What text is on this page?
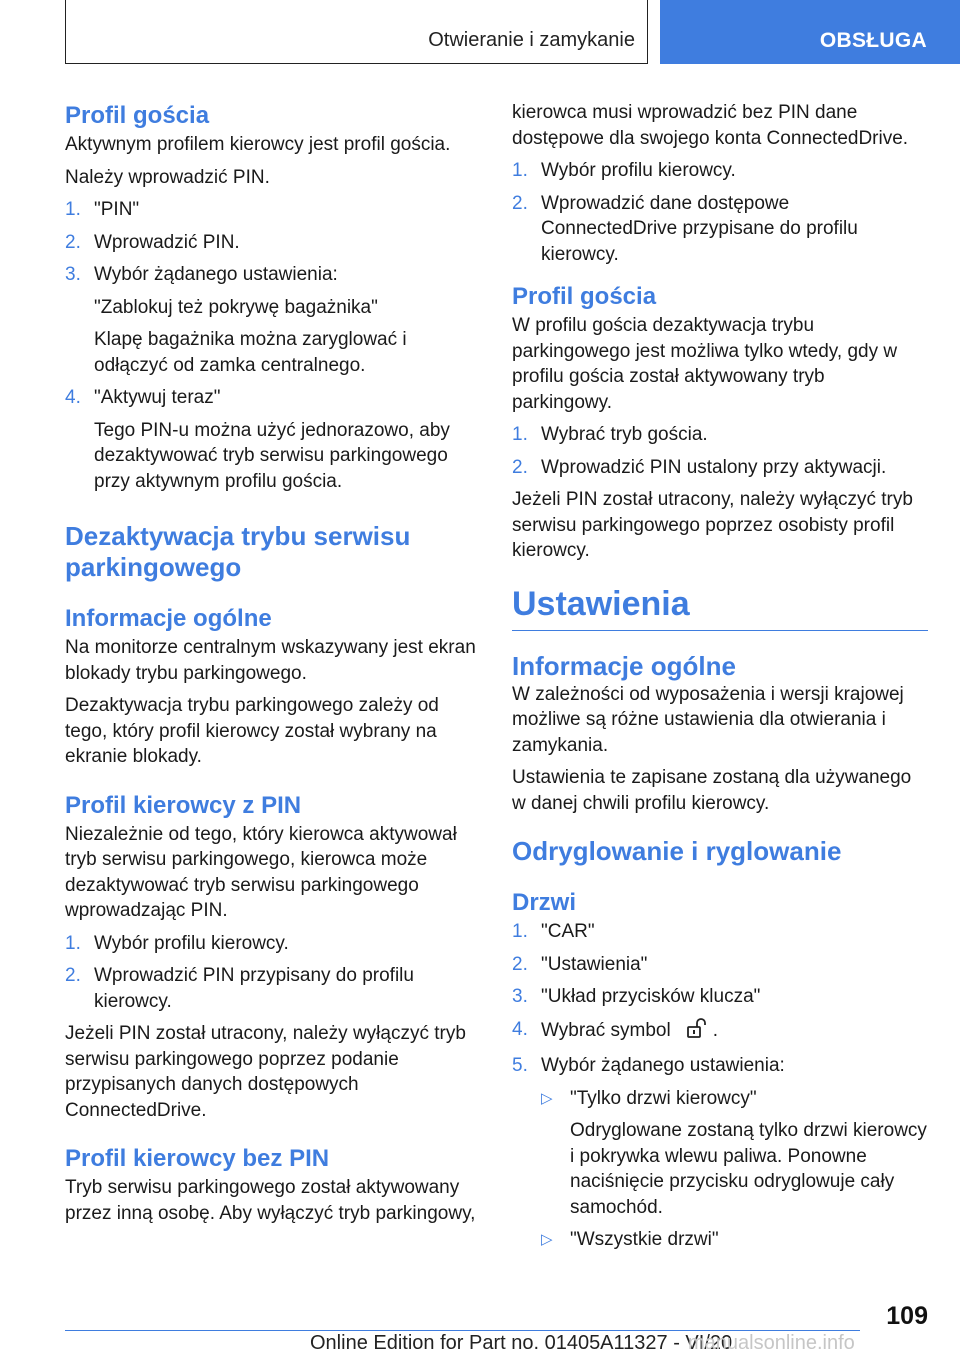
Otwieranie i zamykanie	OBSŁUGA
Profil gościa

Aktywnym profilem kierowcy jest profil gościa.

Należy wprowadzić PIN.

1. "PIN"
2. Wprowadzić PIN.
3. Wybór żądanego ustawienia:

"Zablokuj też pokrywę bagażnika"

Klapę bagażnika można zaryglować i odłączyć od zamka centralnego.

4. "Aktywuj teraz"

Tego PIN-u można użyć jednorazowo, aby dezaktywować tryb serwisu parkingowego przy aktywnym profilu gościa.

Dezaktywacja trybu serwisu parkingowego
Informacje ogólne

Na monitorze centralnym wskazywany jest ekran blokady trybu parkingowego.

Dezaktywacja trybu parkingowego zależy od tego, który profil kierowcy został wybrany na ekranie blokady.

Profil kierowcy z PIN

Niezależnie od tego, który kierowca aktywował tryb serwisu parkingowego, kierowca może dezaktywować tryb serwisu parkingowego wprowadzając PIN.

1. Wybór profilu kierowcy.
2. Wprowadzić PIN przypisany do profilu kierowcy.

Jeżeli PIN został utracony, należy wyłączyć tryb serwisu parkingowego poprzez podanie przypisanych danych dostępowych ConnectedDrive.

Profil kierowcy bez PIN

Tryb serwisu parkingowego został aktywowany przez inną osobę. Aby wyłączyć tryb parkingowy,

kierowca musi wprowadzić bez PIN dane dostępowe dla swojego konta ConnectedDrive.

1. Wybór profilu kierowcy.
2. Wprowadzić dane dostępowe ConnectedDrive przypisane do profilu kierowcy.
Profil gościa

W profilu gościa dezaktywacja trybu parkingowego jest możliwa tylko wtedy, gdy w profilu gościa został aktywowany tryb parkingowy.

1. Wybrać tryb gościa.
2. Wprowadzić PIN ustalony przy aktywacji.

Jeżeli PIN został utracony, należy wyłączyć tryb serwisu parkingowego poprzez osobisty profil kierowcy.

Ustawienia
Informacje ogólne

W zależności od wyposażenia i wersji krajowej możliwe są różne ustawienia dla otwierania i zamykania.

Ustawienia te zapisane zostaną dla używanego w danej chwili profilu kierowcy.

Odryglowanie i ryglowanie
Drzwi
1. "CAR"
2. "Ustawienia"
3. "Układ przycisków klucza"
4. Wybrać symbol .
5. Wybór żądanego ustawienia:
▷ "Tylko drzwi kierowcy"

Odryglowane zostaną tylko drzwi kierowcy i pokrywka wlewu paliwa. Ponowne naciśnięcie przycisku odryglowuje cały samochód.

▷ "Wszystkie drzwi"
109
Online Edition for Part no. 01405A11327 - VI/20
manualsonline.info
